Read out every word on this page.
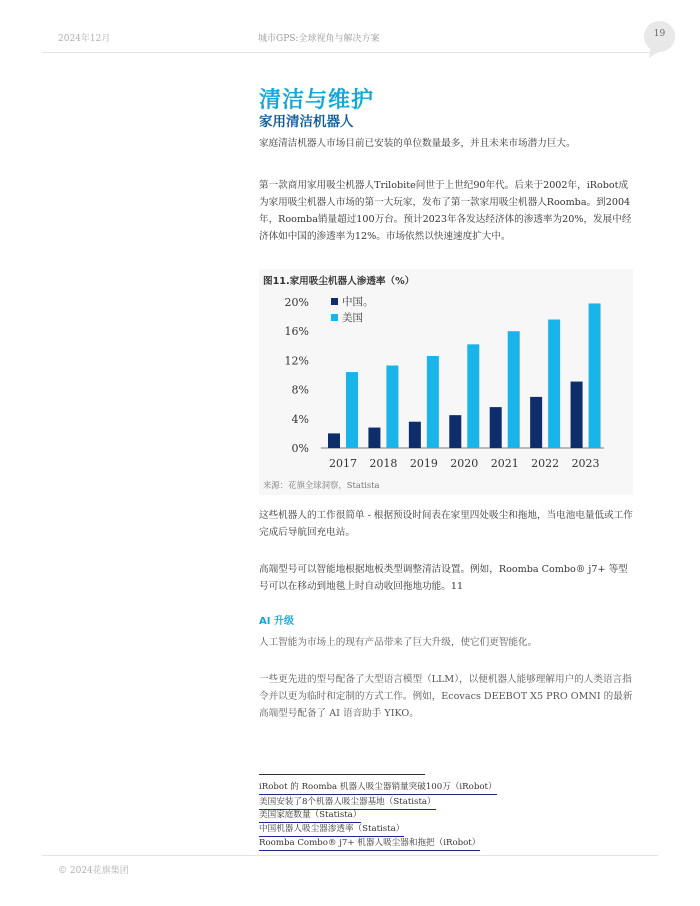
2024年12月	城市GPS:全球视角与解决方案	19
清洁与维护
家用清洁机器人

家庭清洁机器人市场目前已安装的单位数量最多，并且未来市场潜力巨大。

第一款商用家用吸尘机器人Trilobite问世于上世纪90年代。后来于2002年，iRobot成为家用吸尘机器人市场的第一大玩家，发布了第一款家用吸尘机器人Roomba。到2004年，Roomba销量超过100万台。预计2023年各发达经济体的渗透率为20%，发展中经济体如中国的渗透率为12%。市场依然以快速速度扩大中。

图11.家用吸尘机器人渗透率（%）
0%
4%
8%
12%
16%
20%
2017 2018 2019 2020 2021 2022 2023
中国。
美国
来源：花旗全球洞察，Statista

这些机器人的工作很简单 - 根据预设时间表在家里四处吸尘和拖地，当电池电量低或工作完成后导航回充电站。

高端型号可以智能地根据地板类型调整清洁设置。例如，Roomba Combo® j7+ 等型号可以在移动到地毯上时自动收回拖地功能。11

AI 升级

人工智能为市场上的现有产品带来了巨大升级，使它们更智能化。

一些更先进的型号配备了大型语言模型（LLM），以便机器人能够理解用户的人类语言指令并以更为临时和定制的方式工作。例如，Ecovacs DEEBOT X5 PRO OMNI 的最新高端型号配备了 AI 语音助手 YIKO。

iRobot 的 Roomba 机器人吸尘器销量突破100万（iRobot）
美国安装了8个机器人吸尘器基地（Statista）
美国家庭数量（Statista）
中国机器人吸尘器渗透率（Statista）
Roomba Combo® j7+ 机器人吸尘器和拖把（iRobot）
© 2024花旗集团
